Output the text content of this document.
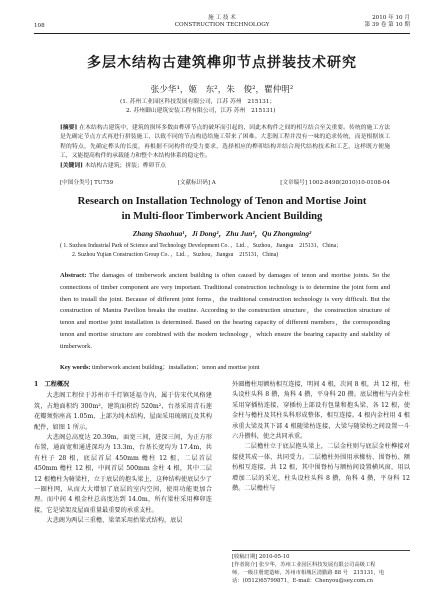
108
施 工 技 术
CONSTRUCTION TECHNOLOGY
2010 年 10 月
第 39 卷 第 10 期
多层木结构古建筑榫卯节点拼装技术研究
张少华¹，姬　东²，朱　俊²，瞿仲明²
(1. 苏州工业园区科技发展有限公司，江苏 苏州　215131；
2. 苏州御山建筑安装工程有限公司，江苏 苏州　215131)
[摘要] 在木结构古建筑中，建筑的损坏多数由榫卯节点的破坏而引起的，因此木构件之间的相互结合至关重要。传统的施工方法是先确定节点方式再进行拼装施工，以致不同的节点构造给施工带来了困难。大悲阁工程并没有一味的追求传统，而是根据该工程的特点，先确定榫头的长度，再根据不同构件的受力要求，选择相应的榫卯结构并结合现代结构技术和工艺，这样既方便施工，又能提高构件的承载能力和整个木结构体系的稳定性。
[关键词] 木结构古建筑；拼装；榫卯节点
[中图分类号] TU759	[文献标识码] A	[文章编号] 1002-8498(2010)10-0108-04
Research on Installation Technology of Tenon and Mortise Joint
in Multi-floor Timberwork Ancient Building
Zhang Shaohua¹，Ji Dong²，Zhu Jun²，Qu Zhongming²
( 1. Suzhou Industrial Park of Science and Technology Development Co．，Ltd．，Suzhou，Jiangsu　215131，China；
2. Suzhou Yujian Construction Group Co．，Ltd．，Suzhou，Jiangsu　215131，China)
Abstract: The damages of timberwork ancient building is often caused by damages of tenon and mortise joints. So the connections of timber component are very important. Traditional construction technology is to determine the joint form and then to install the joint. Because of different joint forms，the traditional construction technology is very difficult. But the construction of Mantra Pavilion breaks the routine. According to the construction structure，the construction structure of tenon and mortise joint installation is determined. Based on the bearing capacity of different members，the corresponding tenon and mortise structure are combined with the modern technology，which ensure the bearing capacity and stability of timberwork.
Key words: timberwork ancient building；installation；tenon and mortise joint
1　工程概况

大悲阁工程位于苏州市千灯镇延福寺内，属于仿宋代风格建筑，占地面积约 300m²，建筑面积约 520m²，台基采用青石莲花瓣须弥座高 1.05m，上部为纯木结构，屋面采用琉璃瓦及其构配件，如图 1 所示。

大悲阁总高度达 20.39m，面宽三间，进深三间，为正方形布置，通面宽和通进深均为 13.3m，台基长宽均为 17.4m，共有柱子 28 根，底层首层 450mm 檐柱 12 根，二层首层 450mm 檐柱 12 根，中间首层 500mm 金柱 4 根，其中二层 12 根檐柱为骑梁柱，立于底层的抱头梁上，这种结构使底层少了一圈柱网，从而大大增加了底层的室内空间，使用功能更加合理。而中间 4 根金柱总高度达到 14.0m，所有梁柱采用榫卯连接，它是梁架及屋面重量最重要的承重支柱。

大悲阁为两层三重檐，梁架采用抬梁式结构，底层

外圈檐柱用额枋相互连接，明间 4 根，次间 8 根，共 12 根，柱头设柱头科 8 攒，角科 4 攒，平身科 20 攒。底层檐柱与内金柱采用穿插枋连接，穿插枋上部设有包量和抱头梁，各 12 根，使金柱与檐柱及其柱头科形成整体，相互连接。4 根内金柱用 4 根承重大梁及其下部 4 根随梁枋连接，大梁与随梁枋之间设置一斗六升攒科，使之共同承重。

二层檐柱立于底层抱头梁上，二层金柱则与底层金柱榫接对接使其成一体，共同受力。二层檐柱外围用承椽枋、围脊枋、额枋相互连接，共 12 根，其中围脊枋与额枋间设置横风窗，用以增加二层的采光，柱头设柱头科 8 攒，角科 4 攒，平身科 12 攒。二层檐柱与

[收稿日期] 2010-05-10
[作者简介] 张少华，苏州工业园区科技发展有限公司高级工程
师，一级注册建造师，苏州市相城区清勤路 88 号　215131，电
话：(0512)65799871，E-mail：Chenyou@sey.com.cn
